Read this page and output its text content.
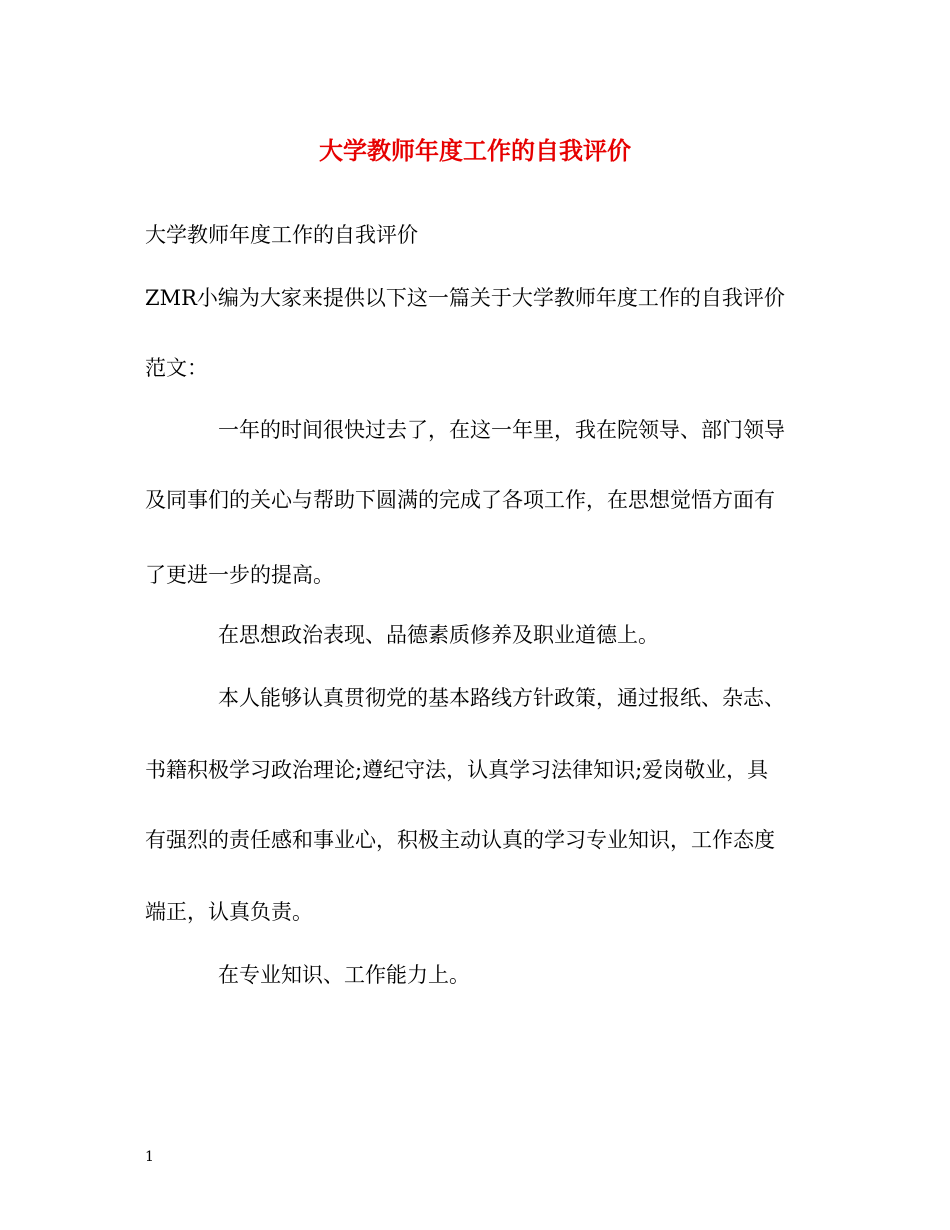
大学教师年度工作的自我评价
大学教师年度工作的自我评价
ZMR小编为大家来提供以下这一篇关于大学教师年度工作的自我评价
范文：
一年的时间很快过去了，在这一年里，我在院领导、部门领导
及同事们的关心与帮助下圆满的完成了各项工作，在思想觉悟方面有
了更进一步的提高。
在思想政治表现、品德素质修养及职业道德上。
本人能够认真贯彻党的基本路线方针政策，通过报纸、杂志、
书籍积极学习政治理论;遵纪守法，认真学习法律知识;爱岗敬业，具
有强烈的责任感和事业心，积极主动认真的学习专业知识，工作态度
端正，认真负责。
在专业知识、工作能力上。
1
